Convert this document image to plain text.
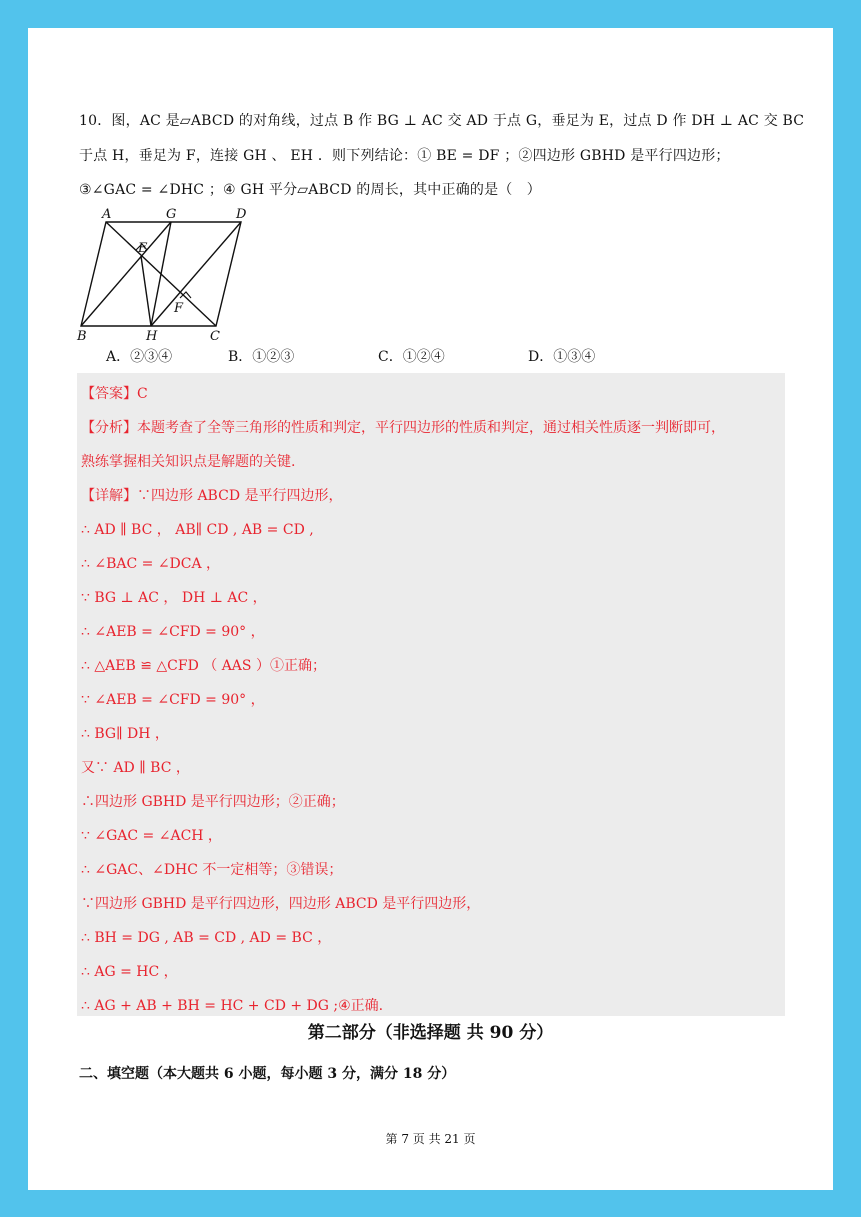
10．图，AC 是▱ABCD 的对角线，过点 B 作 BG ⊥ AC 交 AD 于点 G，垂足为 E，过点 D 作 DH ⊥ AC 交 BC
于点 H，垂足为 F，连接 GH 、 EH ．则下列结论：① BE = DF ；②四边形 GBHD 是平行四边形；
③∠GAC = ∠DHC ；④ GH 平分▱ABCD 的周长，其中正确的是（　）
A	G	D
E
F
B	H	C
A．②③④	B．①②③	C．①②④	D．①③④
【答案】C
【分析】本题考查了全等三角形的性质和判定，平行四边形的性质和判定，通过相关性质逐一判断即可，
熟练掌握相关知识点是解题的关键.
【详解】∵四边形 ABCD 是平行四边形，
∴ AD ∥ BC ， AB∥ CD , AB = CD ,
∴ ∠BAC = ∠DCA ，
∵ BG ⊥ AC ， DH ⊥ AC ，
∴ ∠AEB = ∠CFD = 90° ，
∴ △AEB ≌ △CFD （ AAS ）①正确；
∵ ∠AEB = ∠CFD = 90° ，
∴ BG∥ DH ，
又∵ AD ∥ BC ，
∴四边形 GBHD 是平行四边形；②正确；
∵ ∠GAC = ∠ACH ，
∴ ∠GAC、∠DHC 不一定相等；③错误；
∵四边形 GBHD 是平行四边形，四边形 ABCD 是平行四边形，
∴ BH = DG , AB = CD , AD = BC ，
∴ AG = HC ，
∴ AG + AB + BH = HC + CD + DG ;④正确.
第二部分（非选择题 共 90 分）
二、填空题（本大题共 6 小题，每小题 3 分，满分 18 分）
第 7 页 共 21 页
